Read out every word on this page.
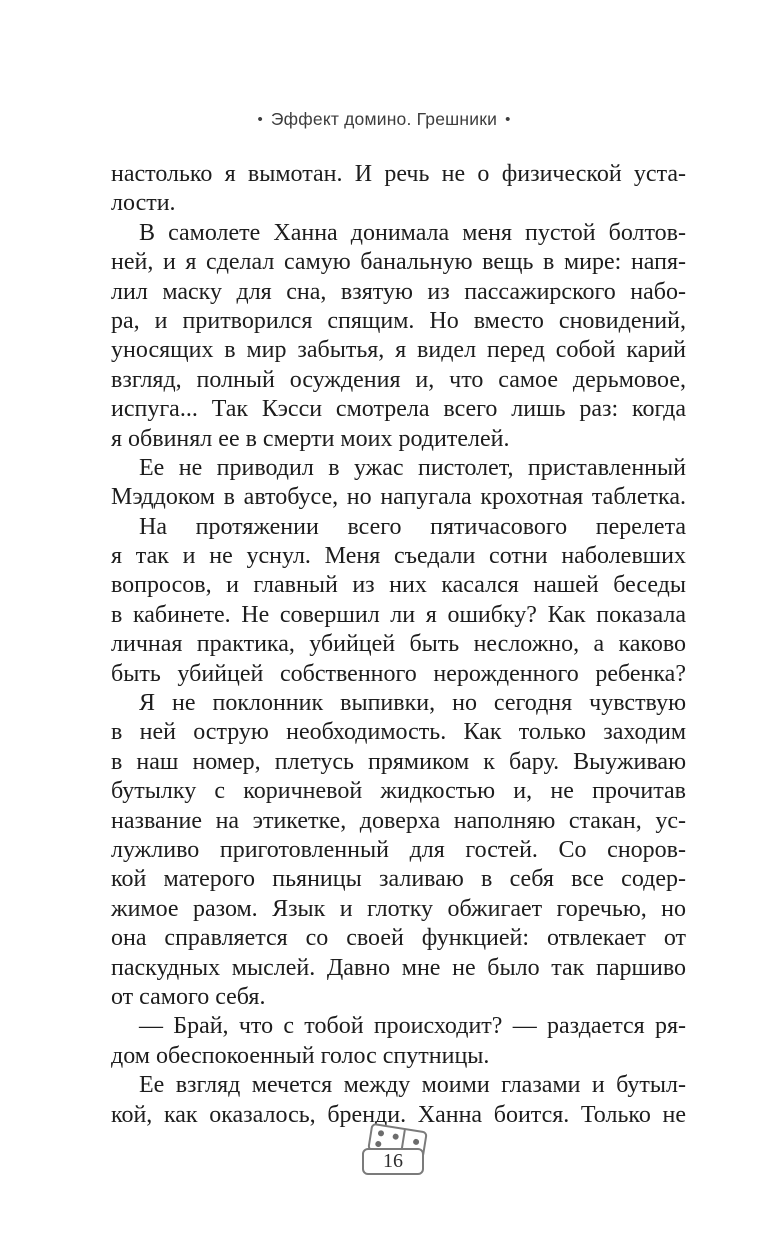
• Эффект домино. Грешники •
настолько я вымотан. И речь не о физической уста-
лости.
В самолете Ханна донимала меня пустой болтов-
ней, и я сделал самую банальную вещь в мире: напя-
лил маску для сна, взятую из пассажирского набо-
ра, и притворился спящим. Но вместо сновидений,
уносящих в мир забытья, я видел перед собой карий
взгляд, полный осуждения и, что самое дерьмовое,
испуга... Так Кэсси смотрела всего лишь раз: когда
я обвинял ее в смерти моих родителей.
Ее не приводил в ужас пистолет, приставленный
Мэддоком в автобусе, но напугала крохотная таблетка.
На протяжении всего пятичасового перелета
я так и не уснул. Меня съедали сотни наболевших
вопросов, и главный из них касался нашей беседы
в кабинете. Не совершил ли я ошибку? Как показала
личная практика, убийцей быть несложно, а каково
быть убийцей собственного нерожденного ребенка?
Я не поклонник выпивки, но сегодня чувствую
в ней острую необходимость. Как только заходим
в наш номер, плетусь прямиком к бару. Выуживаю
бутылку с коричневой жидкостью и, не прочитав
название на этикетке, доверха наполняю стакан, ус-
лужливо приготовленный для гостей. Со сноров-
кой матерого пьяницы заливаю в себя все содер-
жимое разом. Язык и глотку обжигает горечью, но
она справляется со своей функцией: отвлекает от
паскудных мыслей. Давно мне не было так паршиво
от самого себя.
— Брай, что с тобой происходит? — раздается ря-
дом обеспокоенный голос спутницы.
Ее взгляд мечется между моими глазами и бутыл-
кой, как оказалось, бренди. Ханна боится. Только не
16
